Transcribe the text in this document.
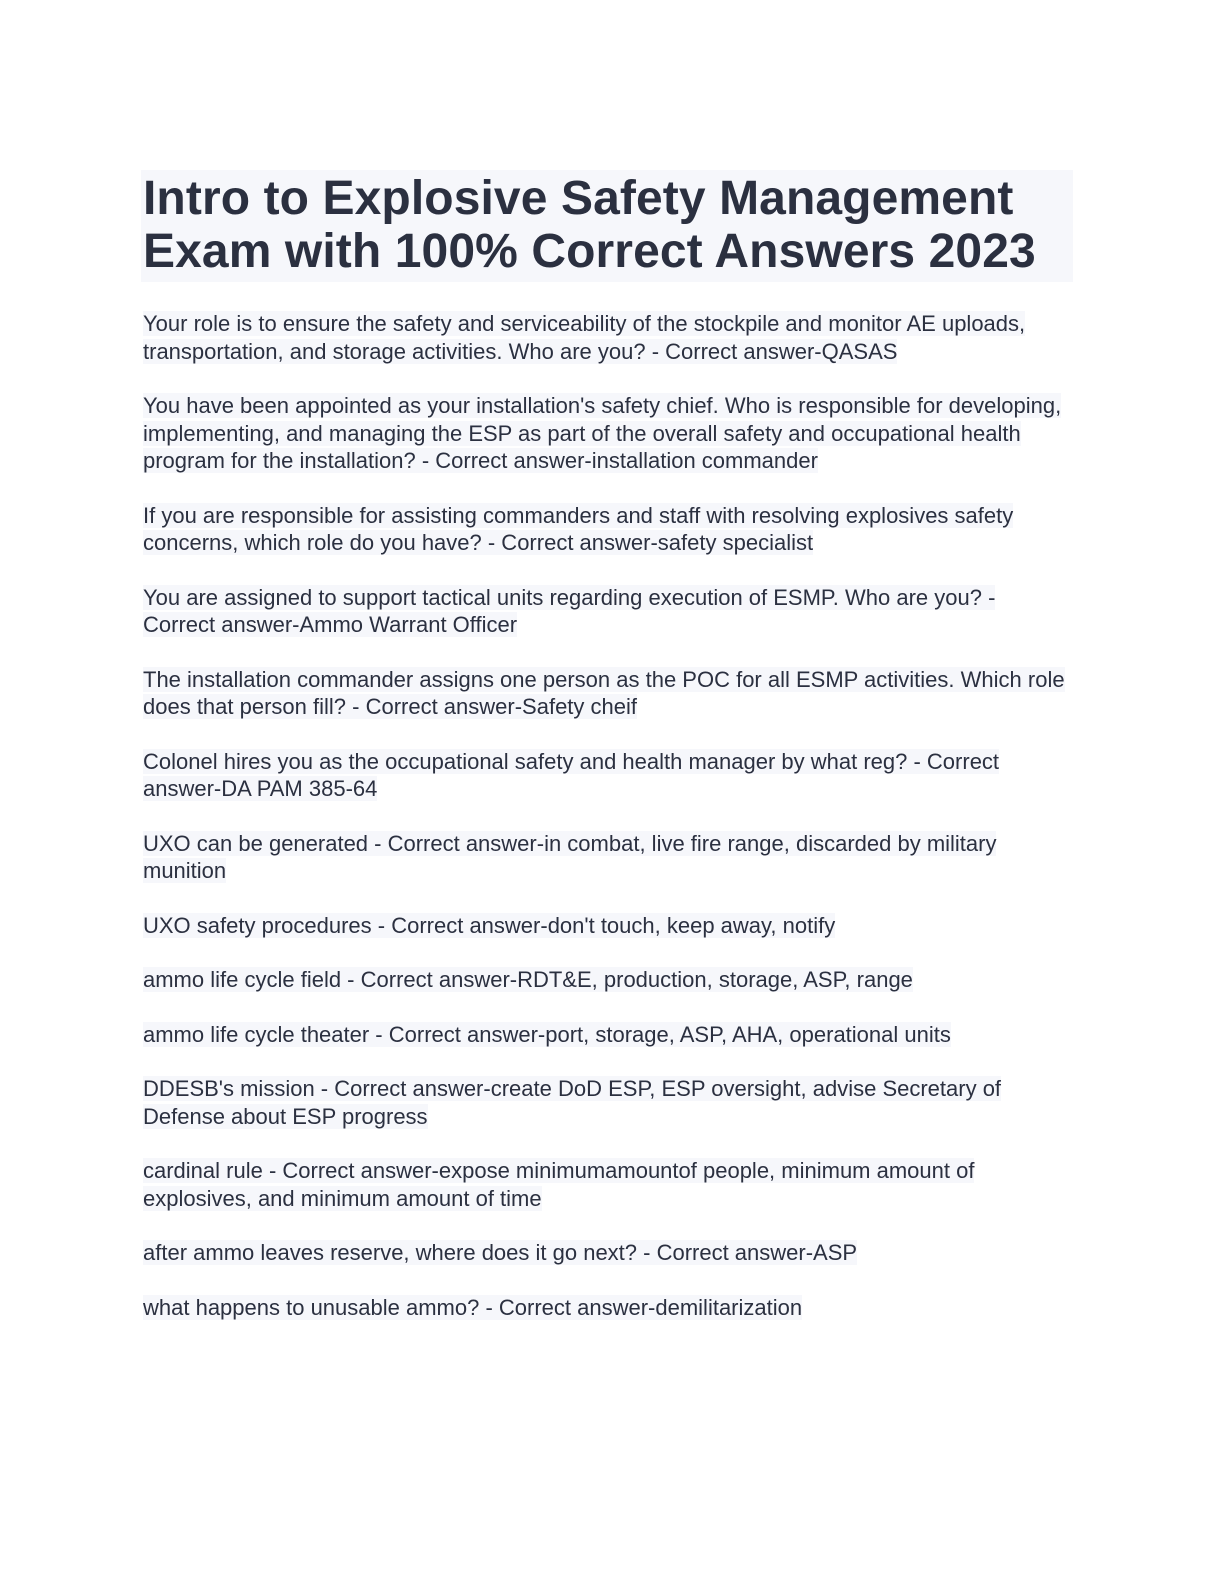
Intro to Explosive Safety Management Exam with 100% Correct Answers 2023

Your role is to ensure the safety and serviceability of the stockpile and monitor AE uploads, transportation, and storage activities. Who are you? - Correct answer-QASAS

You have been appointed as your installation's safety chief. Who is responsible for developing, implementing, and managing the ESP as part of the overall safety and occupational health program for the installation? - Correct answer-installation commander

If you are responsible for assisting commanders and staff with resolving explosives safety concerns, which role do you have? - Correct answer-safety specialist

You are assigned to support tactical units regarding execution of ESMP. Who are you? - Correct answer-Ammo Warrant Officer

The installation commander assigns one person as the POC for all ESMP activities. Which role does that person fill? - Correct answer-Safety cheif

Colonel hires you as the occupational safety and health manager by what reg? - Correct answer-DA PAM 385-64

UXO can be generated - Correct answer-in combat, live fire range, discarded by military munition

UXO safety procedures - Correct answer-don't touch, keep away, notify

ammo life cycle field - Correct answer-RDT&E, production, storage, ASP, range

ammo life cycle theater - Correct answer-port, storage, ASP, AHA, operational units

DDESB's mission - Correct answer-create DoD ESP, ESP oversight, advise Secretary of Defense about ESP progress

cardinal rule - Correct answer-expose minimumamountof people, minimum amount of explosives, and minimum amount of time

after ammo leaves reserve, where does it go next? - Correct answer-ASP

what happens to unusable ammo? - Correct answer-demilitarization
